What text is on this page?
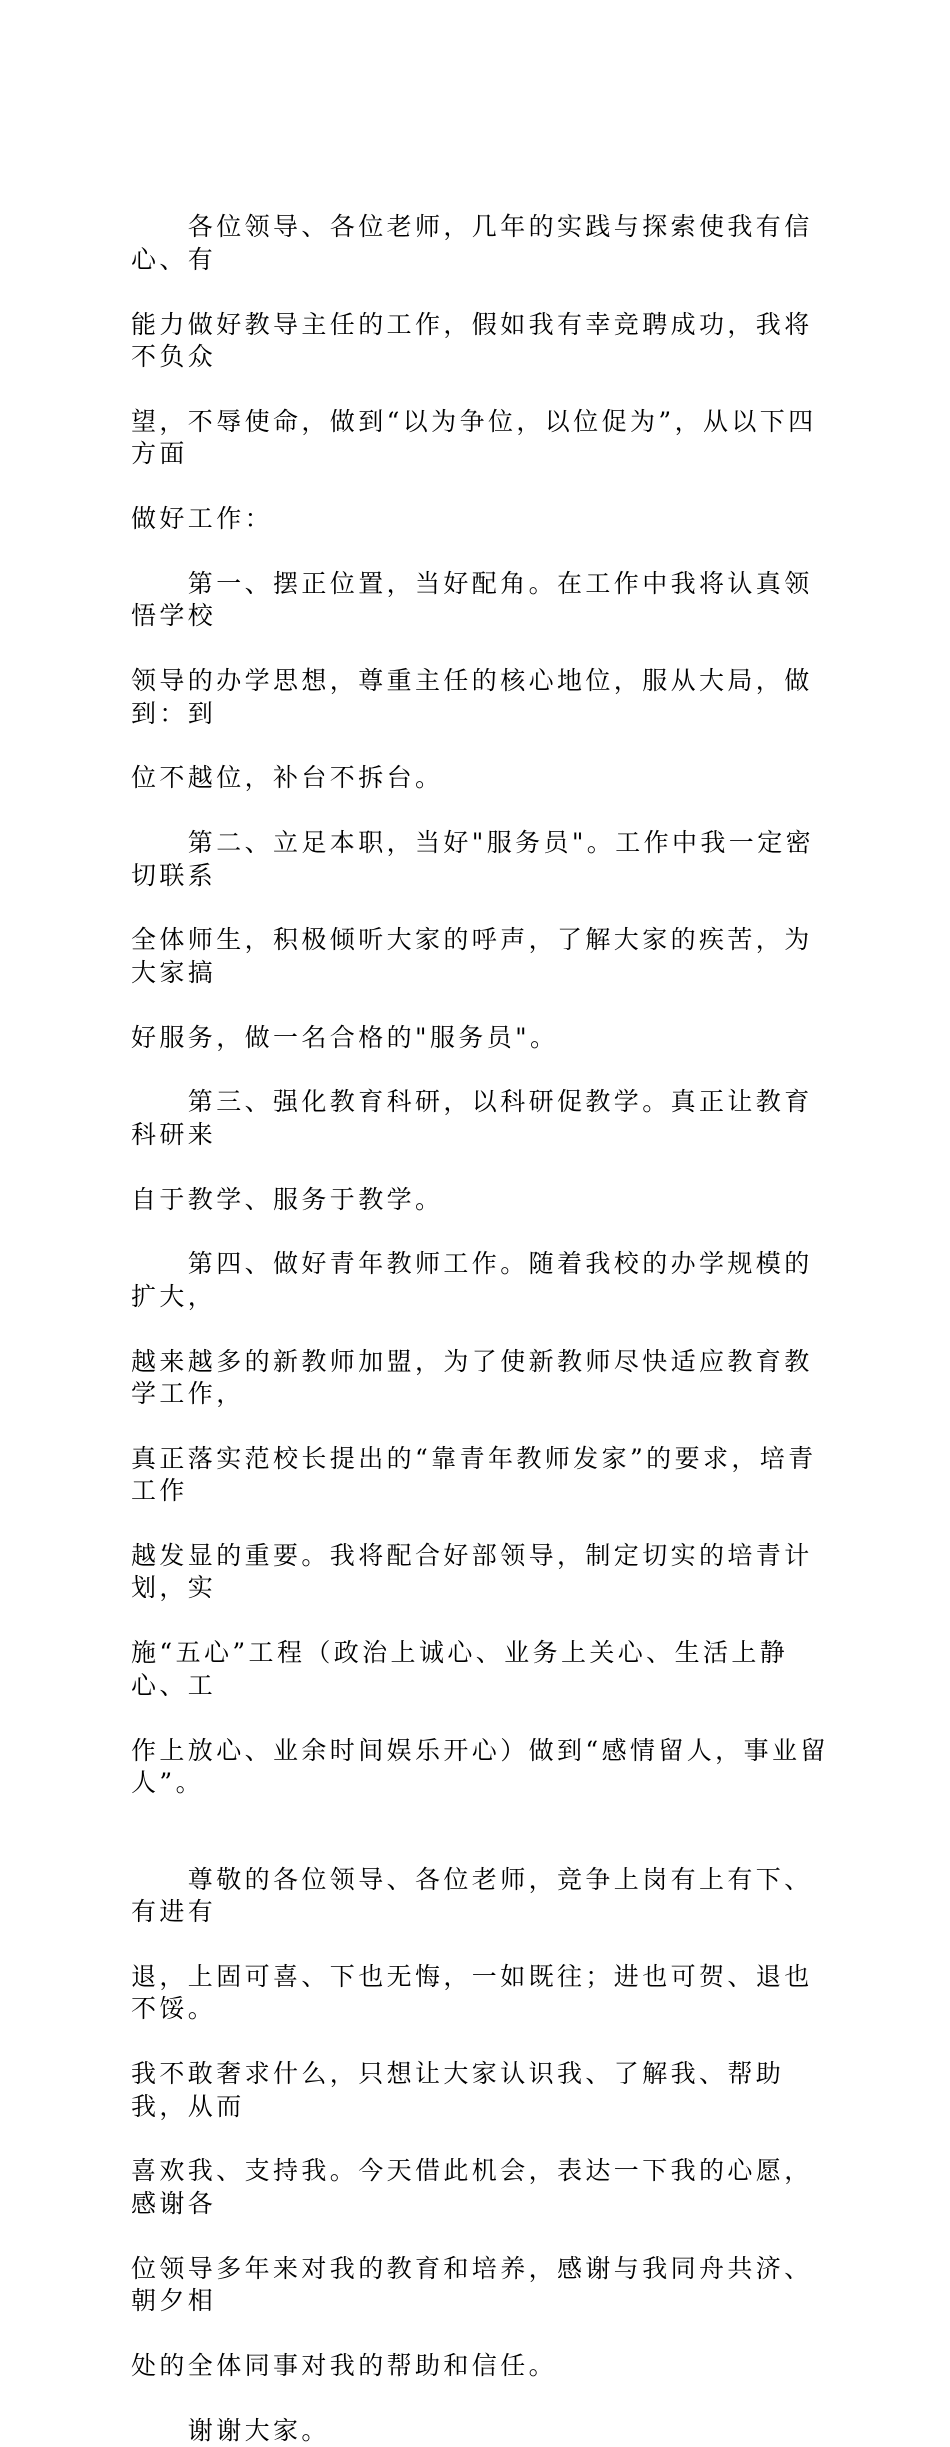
　　各位领导、各位老师，几年的实践与探索使我有信心、有

能力做好教导主任的工作，假如我有幸竞聘成功，我将不负众

望，不辱使命，做到“以为争位，以位促为”，从以下四方面

做好工作：

　　第一、摆正位置，当好配角。在工作中我将认真领悟学校

领导的办学思想，尊重主任的核心地位，服从大局，做到：到

位不越位，补台不拆台。

　　第二、立足本职，当好"服务员"。工作中我一定密切联系

全体师生，积极倾听大家的呼声，了解大家的疾苦，为大家搞

好服务，做一名合格的"服务员"。

　　第三、强化教育科研，以科研促教学。真正让教育科研来

自于教学、服务于教学。

　　第四、做好青年教师工作。随着我校的办学规模的扩大，

越来越多的新教师加盟，为了使新教师尽快适应教育教学工作，

真正落实范校长提出的“靠青年教师发家”的要求，培青工作

越发显的重要。我将配合好部领导，制定切实的培青计划，实

施“五心”工程（政治上诚心、业务上关心、生活上静心、工

作上放心、业余时间娱乐开心）做到“感情留人，事业留人”。

　　尊敬的各位领导、各位老师，竞争上岗有上有下、有进有

退，上固可喜、下也无悔，一如既往；进也可贺、退也不馁。

我不敢奢求什么，只想让大家认识我、了解我、帮助我，从而

喜欢我、支持我。今天借此机会，表达一下我的心愿，感谢各

位领导多年来对我的教育和培养，感谢与我同舟共济、朝夕相

处的全体同事对我的帮助和信任。

　　谢谢大家。
